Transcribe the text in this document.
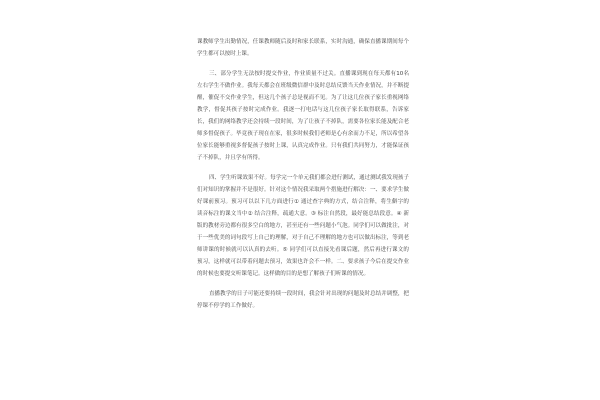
课教师学生出勤情况，任课教师随后及时和家长联系，实时沟通，确保直播课期间每个学生都可以按时上课。

三、部分学生无法按时提交作业，作业质量不过关。直播课到现在每天都有10名左右学生不做作业。我每天都会在班级微信群中及时总结反馈当天作业情况，并不断提醒，催促不交作业学生，但这几个孩子总是视而不见。为了让这几位孩子家长重视网络教学，督促其孩子按时完成作业。我逐一打电话与这几位孩子家长取得联系，告诉家长，我们的网络教学还会持续一段时间，为了让孩子不掉队，需要各位家长能及配合老师多督促孩子。毕竟孩子现在在家，很多时候我们老师是心有余而力不足，所以希望各位家长能够重视多督促孩子按时上课，认真完成作业。只有我们共同努力，才能保证孩子不掉队，并且学有所得。

四、学生听课效果不好。每学完一个单元我们都会进行测试，通过测试我发现孩子们对知识的掌握并不是很好。针对这个情况我采取两个措施进行解决：一、要求学生做好课前预习。预习可以以下几方面进行① 通过查字典的方式，结合注释，将生僻字的读音标注的课文当中② 结合注释，疏通大意。③ 标注自然段，最好能总结段意。④ 新版的教材旁边都有很多空白的地方，甚至还有一些问题小气泡。同学们可以做批注，对于一些优美的词句段写上自己的理解，对于自己不理解的地方也可以做出标注，等到老师讲课的时候就可以认真的去听。⑤ 同学们可以直接先看课后题，然后再进行课文的预习，这样就可以带着问题去预习，效果也许会不一样。二、要求孩子今后在提交作业的时候也要提交听课笔记。这样做的目的是想了解孩子们听课的情况。

直播教学的日子可能还要持续一段时间，我会针对出现的问题及时总结并调整，把停课不停学的工作做好。
